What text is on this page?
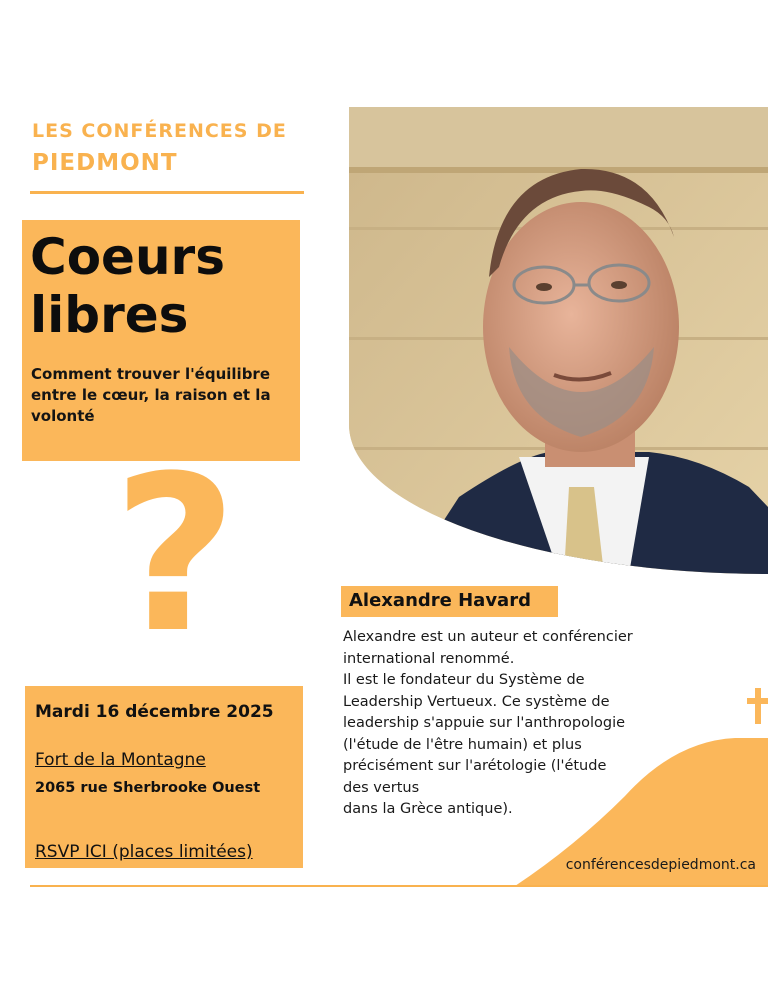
LES CONFÉRENCES DE
PIEDMONT
Coeurs libres
Comment trouver l'équilibre entre le cœur, la raison et la volonté
?
Mardi 16 décembre 2025
Fort de la Montagne
2065 rue Sherbrooke Ouest
RSVP ICI (places limitées)
Alexandre Havard

Alexandre est un auteur et conférencier international renommé.

Il est le fondateur du Système de Leadership Vertueux. Ce système de leadership s'appuie sur l'anthropologie (l'étude de l'être humain) et plus précisément sur l'arétologie (l'étude des vertus
dans la Grèce antique).

conférencesdepiedmont.ca
